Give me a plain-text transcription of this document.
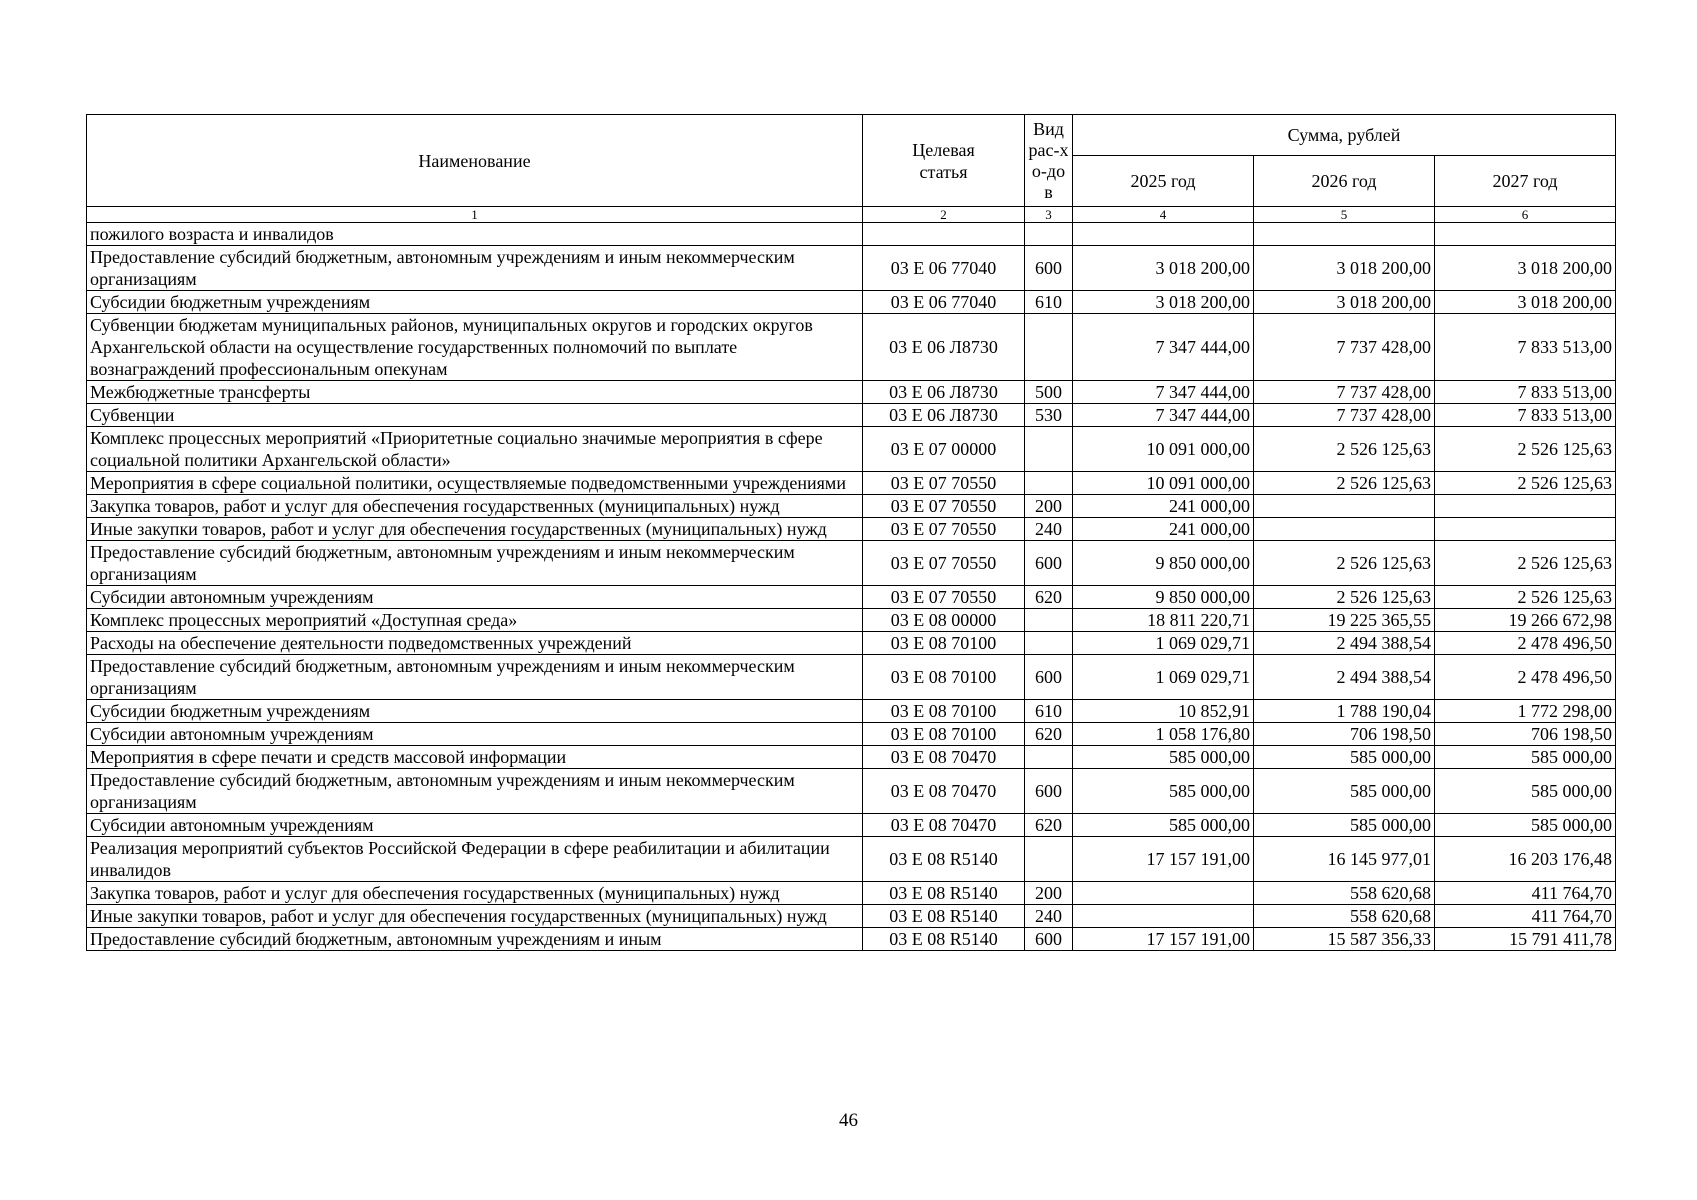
Наименование	Целевая статья	Вид рас-хо-дов	Сумма, рублей		
			2025 год	2026 год	2027 год
1	2	3	4	5	6
пожилого возраста и инвалидов					
Предоставление субсидий бюджетным, автономным учреждениям и иным некоммерческим организациям	03 Е 06 77040	600	3 018 200,00	3 018 200,00	3 018 200,00
Субсидии бюджетным учреждениям	03 Е 06 77040	610	3 018 200,00	3 018 200,00	3 018 200,00
Субвенции бюджетам муниципальных районов, муниципальных округов и городских округов Архангельской области на осуществление государственных полномочий по выплате вознаграждений профессиональным опекунам	03 Е 06 Л8730		7 347 444,00	7 737 428,00	7 833 513,00
Межбюджетные трансферты	03 Е 06 Л8730	500	7 347 444,00	7 737 428,00	7 833 513,00
Субвенции	03 Е 06 Л8730	530	7 347 444,00	7 737 428,00	7 833 513,00
Комплекс процессных мероприятий «Приоритетные социально значимые мероприятия в сфере социальной политики Архангельской области»	03 Е 07 00000		10 091 000,00	2 526 125,63	2 526 125,63
Мероприятия в сфере социальной политики, осуществляемые подведомственными учреждениями	03 Е 07 70550		10 091 000,00	2 526 125,63	2 526 125,63
Закупка товаров, работ и услуг для обеспечения государственных (муниципальных) нужд	03 Е 07 70550	200	241 000,00		
Иные закупки товаров, работ и услуг для обеспечения государственных (муниципальных) нужд	03 Е 07 70550	240	241 000,00		
Предоставление субсидий бюджетным, автономным учреждениям и иным некоммерческим организациям	03 Е 07 70550	600	9 850 000,00	2 526 125,63	2 526 125,63
Субсидии автономным учреждениям	03 Е 07 70550	620	9 850 000,00	2 526 125,63	2 526 125,63
Комплекс процессных мероприятий «Доступная среда»	03 Е 08 00000		18 811 220,71	19 225 365,55	19 266 672,98
Расходы на обеспечение деятельности подведомственных учреждений	03 Е 08 70100		1 069 029,71	2 494 388,54	2 478 496,50
Предоставление субсидий бюджетным, автономным учреждениям и иным некоммерческим организациям	03 Е 08 70100	600	1 069 029,71	2 494 388,54	2 478 496,50
Субсидии бюджетным учреждениям	03 Е 08 70100	610	10 852,91	1 788 190,04	1 772 298,00
Субсидии автономным учреждениям	03 Е 08 70100	620	1 058 176,80	706 198,50	706 198,50
Мероприятия в сфере печати и средств массовой информации	03 Е 08 70470		585 000,00	585 000,00	585 000,00
Предоставление субсидий бюджетным, автономным учреждениям и иным некоммерческим организациям	03 Е 08 70470	600	585 000,00	585 000,00	585 000,00
Субсидии автономным учреждениям	03 Е 08 70470	620	585 000,00	585 000,00	585 000,00
Реализация мероприятий субъектов Российской Федерации в сфере реабилитации и абилитации инвалидов	03 Е 08 R5140		17 157 191,00	16 145 977,01	16 203 176,48
Закупка товаров, работ и услуг для обеспечения государственных (муниципальных) нужд	03 Е 08 R5140	200		558 620,68	411 764,70
Иные закупки товаров, работ и услуг для обеспечения государственных (муниципальных) нужд	03 Е 08 R5140	240		558 620,68	411 764,70
Предоставление субсидий бюджетным, автономным учреждениям и иным	03 Е 08 R5140	600	17 157 191,00	15 587 356,33	15 791 411,78
46
